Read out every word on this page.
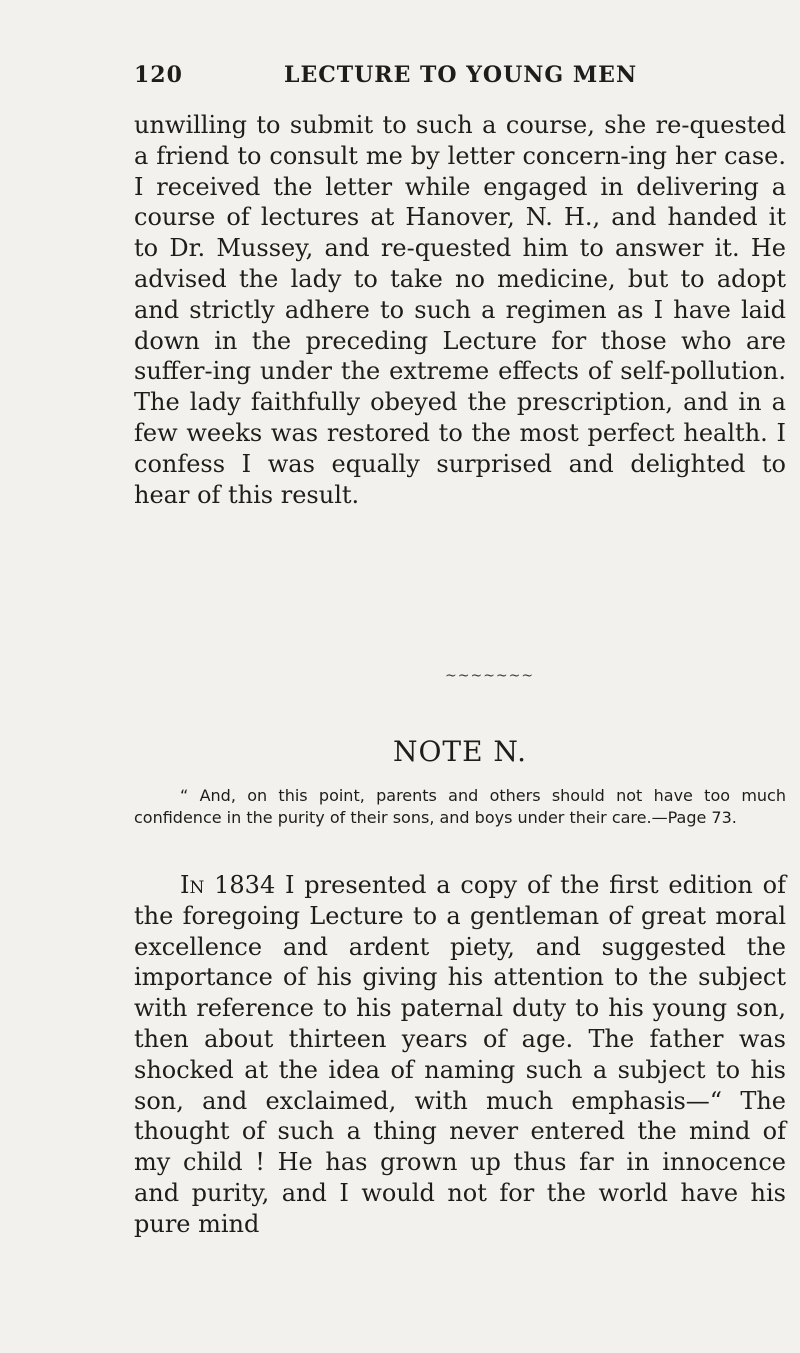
120	LECTURE TO YOUNG MEN

unwilling to submit to such a course, she re-quested a friend to consult me by letter concern-ing her case. I received the letter while engaged in delivering a course of lectures at Hanover, N. H., and handed it to Dr. Mussey, and re-quested him to answer it. He advised the lady to take no medicine, but to adopt and strictly adhere to such a regimen as I have laid down in the preceding Lecture for those who are suffer-ing under the extreme effects of self-pollution. The lady faithfully obeyed the prescription, and in a few weeks was restored to the most perfect health. I confess I was equally surprised and delighted to hear of this result.

~~~~~~~
NOTE N.

“ And, on this point, parents and others should not have too much confidence in the purity of their sons, and boys under their care.—Page 73.

In 1834 I presented a copy of the first edition of the foregoing Lecture to a gentleman of great moral excellence and ardent piety, and suggested the importance of his giving his attention to the subject with reference to his paternal duty to his young son, then about thirteen years of age. The father was shocked at the idea of naming such a subject to his son, and exclaimed, with much emphasis—“ The thought of such a thing never entered the mind of my child ! He has grown up thus far in innocence and purity, and I would not for the world have his pure mind
